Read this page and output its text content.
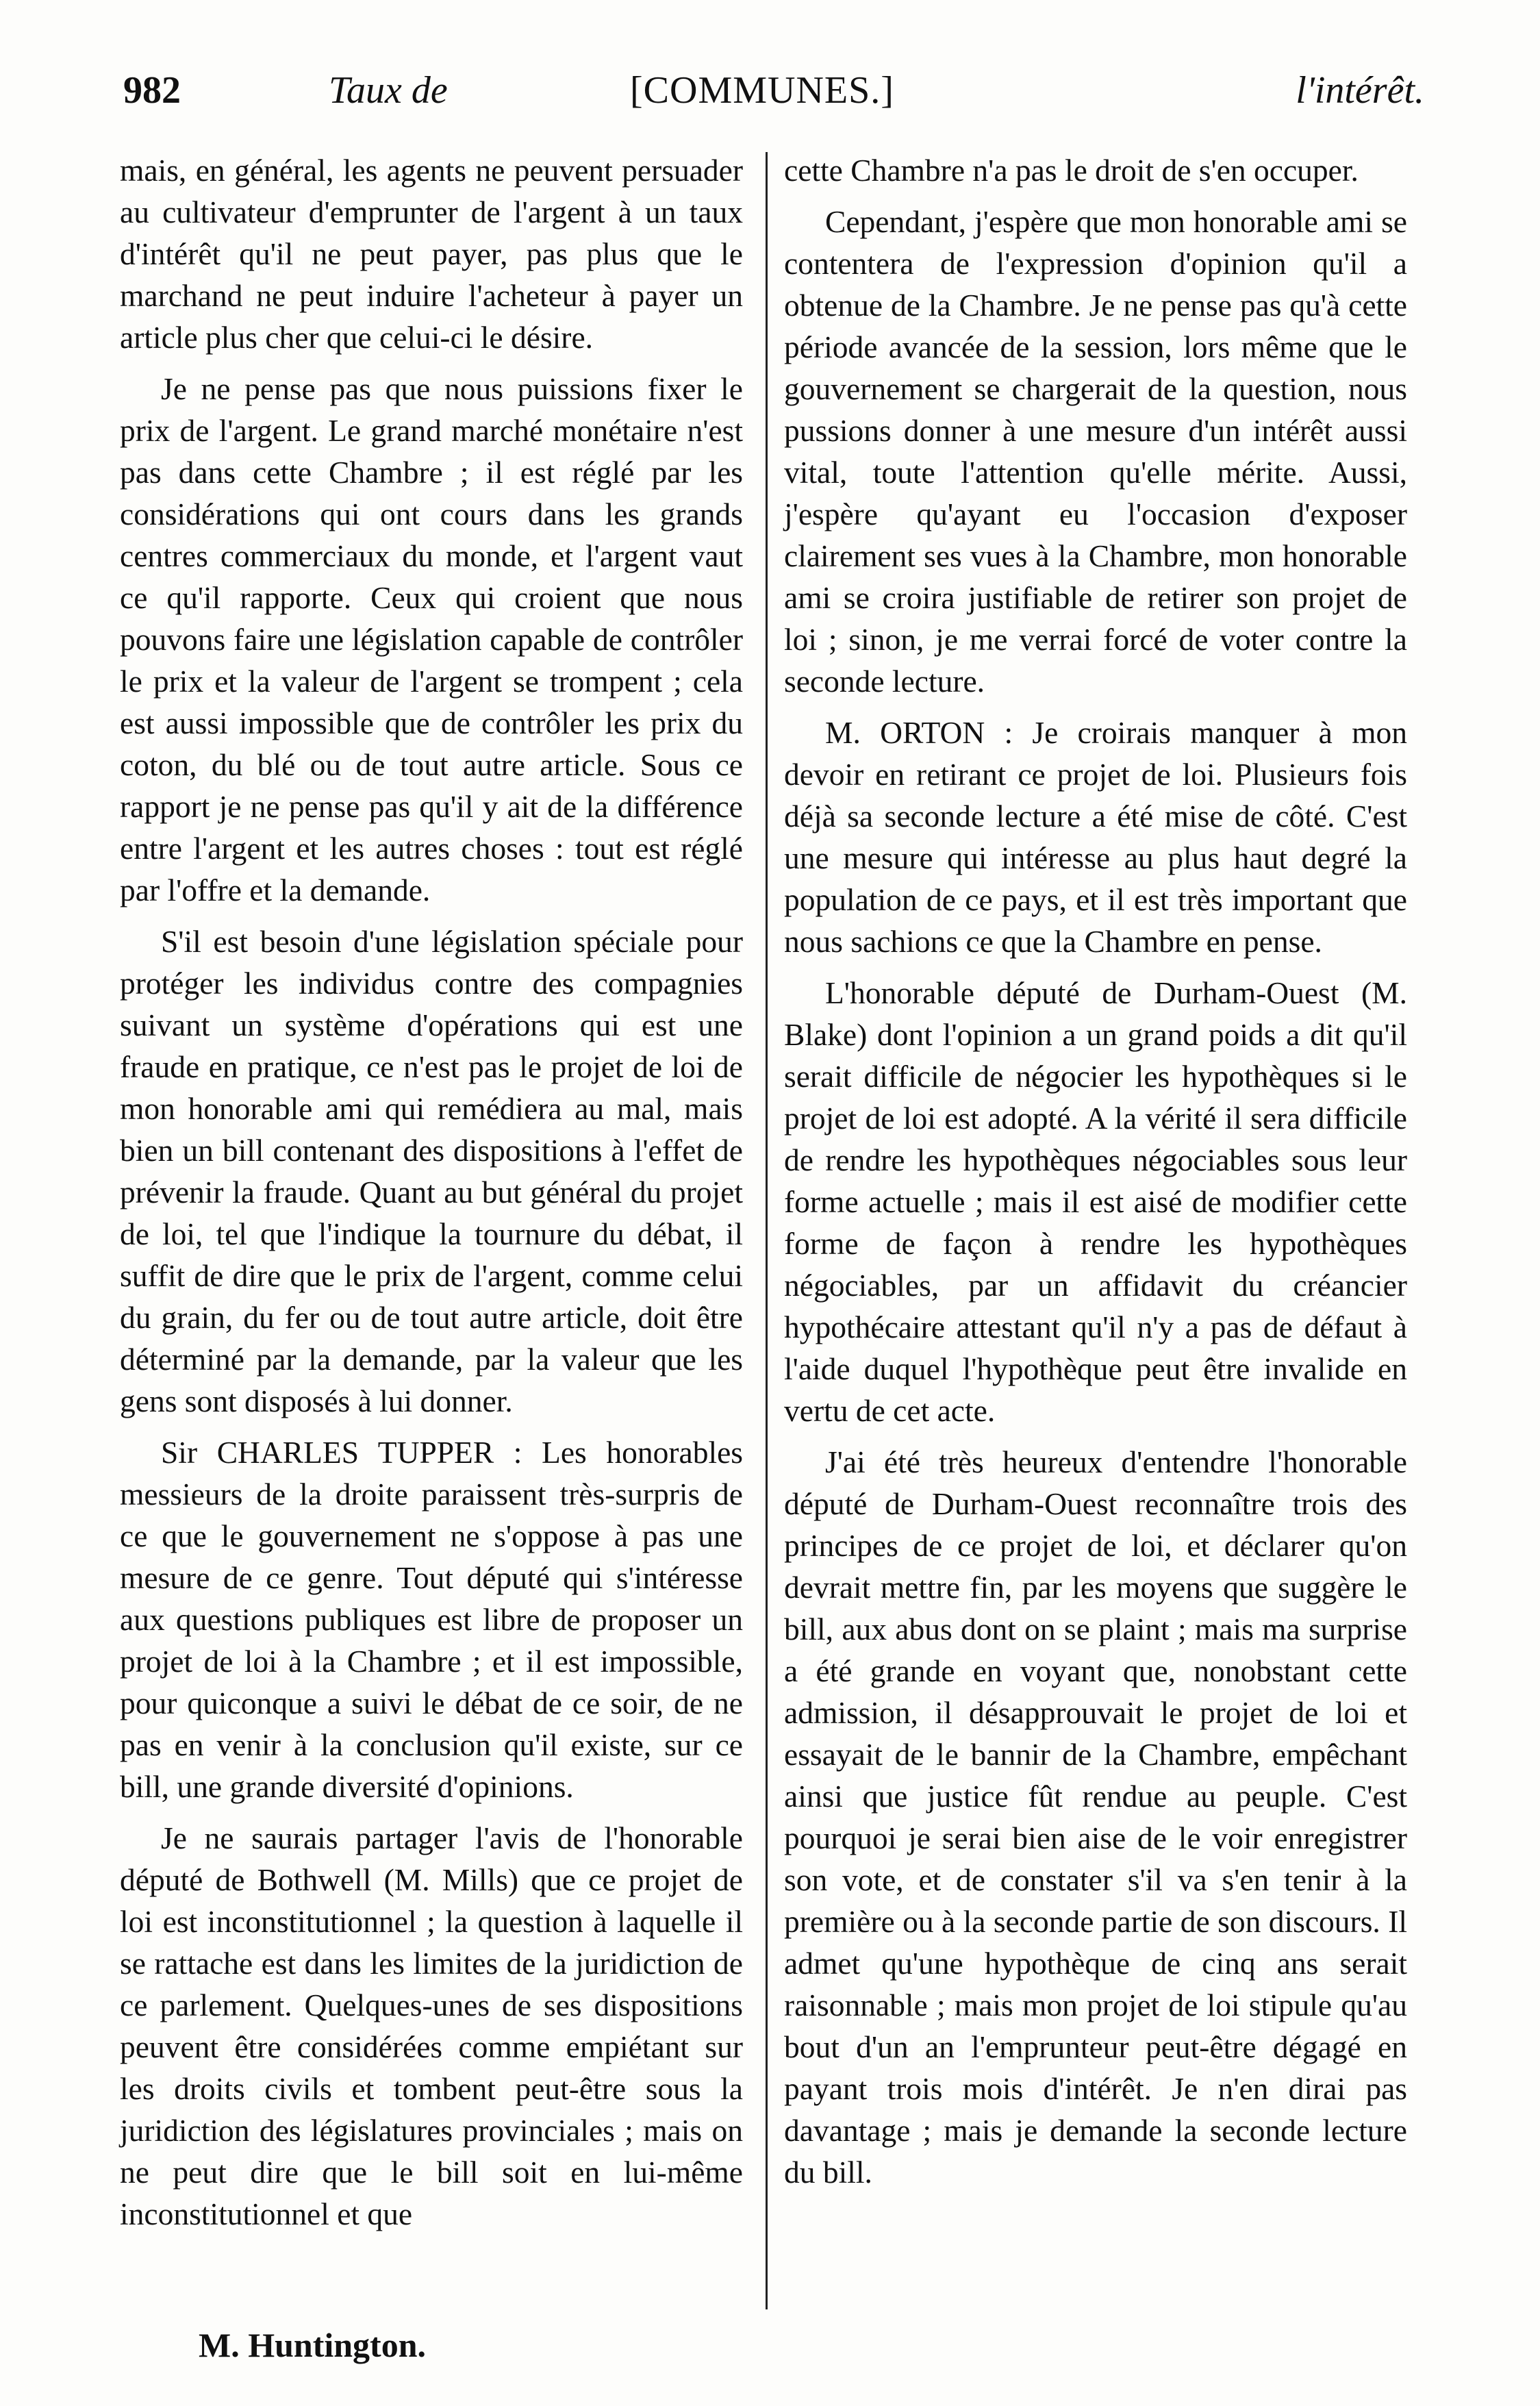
982	Taux de	[COMMUNES.]	l'intérêt.

mais, en général, les agents ne peuvent persuader au cultivateur d'emprunter de l'argent à un taux d'intérêt qu'il ne peut payer, pas plus que le marchand ne peut induire l'acheteur à payer un article plus cher que celui-ci le désire.

Je ne pense pas que nous puissions fixer le prix de l'argent. Le grand marché monétaire n'est pas dans cette Chambre ; il est réglé par les considérations qui ont cours dans les grands centres commerciaux du monde, et l'argent vaut ce qu'il rapporte. Ceux qui croient que nous pouvons faire une législation capable de contrôler le prix et la valeur de l'argent se trompent ; cela est aussi impossible que de contrôler les prix du coton, du blé ou de tout autre article. Sous ce rapport je ne pense pas qu'il y ait de la différence entre l'argent et les autres choses : tout est réglé par l'offre et la demande.

S'il est besoin d'une législation spéciale pour protéger les individus contre des compagnies suivant un système d'opérations qui est une fraude en pratique, ce n'est pas le projet de loi de mon honorable ami qui remédiera au mal, mais bien un bill contenant des dispositions à l'effet de prévenir la fraude. Quant au but général du projet de loi, tel que l'indique la tournure du débat, il suffit de dire que le prix de l'argent, comme celui du grain, du fer ou de tout autre article, doit être déterminé par la demande, par la valeur que les gens sont disposés à lui donner.

Sir CHARLES TUPPER : Les honorables messieurs de la droite paraissent très-surpris de ce que le gouvernement ne s'oppose à pas une mesure de ce genre. Tout député qui s'intéresse aux questions publiques est libre de proposer un projet de loi à la Chambre ; et il est impossible, pour quiconque a suivi le débat de ce soir, de ne pas en venir à la conclusion qu'il existe, sur ce bill, une grande diversité d'opinions.

Je ne saurais partager l'avis de l'honorable député de Bothwell (M. Mills) que ce projet de loi est inconstitutionnel ; la question à laquelle il se rattache est dans les limites de la juridiction de ce parlement. Quelques-unes de ses dispositions peuvent être considérées comme empiétant sur les droits civils et tombent peut-être sous la juridiction des législatures provinciales ; mais on ne peut dire que le bill soit en lui-même inconstitutionnel et que

cette Chambre n'a pas le droit de s'en occuper.

Cependant, j'espère que mon honorable ami se contentera de l'expression d'opinion qu'il a obtenue de la Chambre. Je ne pense pas qu'à cette période avancée de la session, lors même que le gouvernement se chargerait de la question, nous pussions donner à une mesure d'un intérêt aussi vital, toute l'attention qu'elle mérite. Aussi, j'espère qu'ayant eu l'occasion d'exposer clairement ses vues à la Chambre, mon honorable ami se croira justifiable de retirer son projet de loi ; sinon, je me verrai forcé de voter contre la seconde lecture.

M. ORTON : Je croirais manquer à mon devoir en retirant ce projet de loi. Plusieurs fois déjà sa seconde lecture a été mise de côté. C'est une mesure qui intéresse au plus haut degré la population de ce pays, et il est très important que nous sachions ce que la Chambre en pense.

L'honorable député de Durham-Ouest (M. Blake) dont l'opinion a un grand poids a dit qu'il serait difficile de négocier les hypothèques si le projet de loi est adopté. A la vérité il sera difficile de rendre les hypothèques négociables sous leur forme actuelle ; mais il est aisé de modifier cette forme de façon à rendre les hypothèques négociables, par un affidavit du créancier hypothécaire attestant qu'il n'y a pas de défaut à l'aide duquel l'hypothèque peut être invalide en vertu de cet acte.

J'ai été très heureux d'entendre l'honorable député de Durham-Ouest reconnaître trois des principes de ce projet de loi, et déclarer qu'on devrait mettre fin, par les moyens que suggère le bill, aux abus dont on se plaint ; mais ma surprise a été grande en voyant que, nonobstant cette admission, il désapprouvait le projet de loi et essayait de le bannir de la Chambre, empêchant ainsi que justice fût rendue au peuple. C'est pourquoi je serai bien aise de le voir enregistrer son vote, et de constater s'il va s'en tenir à la première ou à la seconde partie de son discours. Il admet qu'une hypothèque de cinq ans serait raisonnable ; mais mon projet de loi stipule qu'au bout d'un an l'emprunteur peut-être dégagé en payant trois mois d'intérêt. Je n'en dirai pas davantage ; mais je demande la seconde lecture du bill.

M. Huntington.
